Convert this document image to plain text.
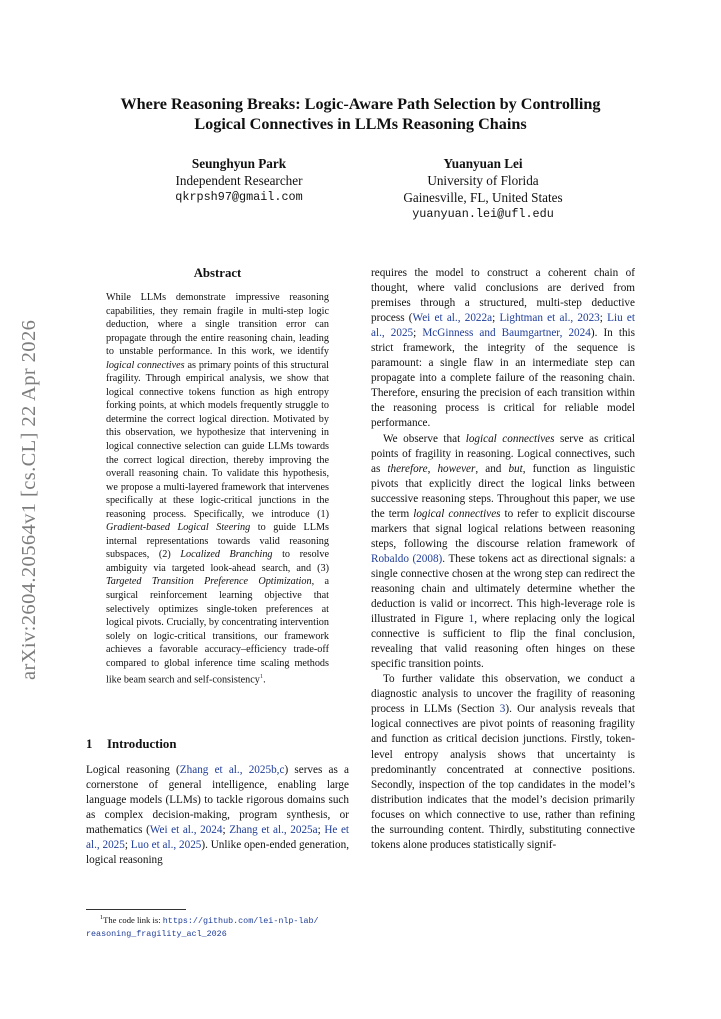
arXiv:2604.20564v1 [cs.CL] 22 Apr 2026
Where Reasoning Breaks: Logic-Aware Path Selection by Controlling
Logical Connectives in LLMs Reasoning Chains
Seunghyun Park
Independent Researcher
qkrpsh97@gmail.com
Yuanyuan Lei
University of Florida
Gainesville, FL, United States
yuanyuan.lei@ufl.edu
Abstract
While LLMs demonstrate impressive reasoning capabilities, they remain fragile in multi-step logic deduction, where a single transition error can propagate through the entire reasoning chain, leading to unstable performance. In this work, we identify logical connectives as primary points of this structural fragility. Through empirical analysis, we show that logical connective tokens function as high entropy forking points, at which models frequently struggle to determine the correct logical direction. Motivated by this observation, we hypothesize that intervening in logical connective selection can guide LLMs towards the correct logical direction, thereby improving the overall reasoning chain. To validate this hypothesis, we propose a multi-layered framework that intervenes specifically at these logic-critical junctions in the reasoning process. Specifically, we introduce (1) Gradient-based Logical Steering to guide LLMs internal representations towards valid reasoning subspaces, (2) Localized Branching to resolve ambiguity via targeted look-ahead search, and (3) Targeted Transition Preference Optimization, a surgical reinforcement learning objective that selectively optimizes single-token preferences at logical pivots. Crucially, by concentrating intervention solely on logic-critical transitions, our framework achieves a favorable accuracy–efficiency trade-off compared to global inference time scaling methods like beam search and self-consistency$^1$.
1 Introduction

Logical reasoning (Zhang et al., 2025b,c) serves as a cornerstone of general intelligence, enabling large language models (LLMs) to tackle rigorous domains such as complex decision-making, program synthesis, or mathematics (Wei et al., 2024; Zhang et al., 2025a; He et al., 2025; Luo et al., 2025). Unlike open-ended generation, logical reasoning

$^1$The code link is: https://github.com/lei-nlp-lab/
reasoning_fragility_acl_2026

requires the model to construct a coherent chain of thought, where valid conclusions are derived from premises through a structured, multi-step deductive process (Wei et al., 2022a; Lightman et al., 2023; Liu et al., 2025; McGinness and Baumgartner, 2024). In this strict framework, the integrity of the sequence is paramount: a single flaw in an intermediate step can propagate into a complete failure of the reasoning chain. Therefore, ensuring the precision of each transition within the reasoning process is critical for reliable model performance.

We observe that logical connectives serve as critical points of fragility in reasoning. Logical connectives, such as therefore, however, and but, function as linguistic pivots that explicitly direct the logical links between successive reasoning steps. Throughout this paper, we use the term logical connectives to refer to explicit discourse markers that signal logical relations between reasoning steps, following the discourse relation framework of Robaldo (2008). These tokens act as directional signals: a single connective chosen at the wrong step can redirect the reasoning chain and ultimately determine whether the deduction is valid or incorrect. This high-leverage role is illustrated in Figure 1, where replacing only the logical connective is sufficient to flip the final conclusion, revealing that valid reasoning often hinges on these specific transition points.

To further validate this observation, we conduct a diagnostic analysis to uncover the fragility of reasoning process in LLMs (Section 3). Our analysis reveals that logical connectives are pivot points of reasoning fragility and function as critical decision junctions. Firstly, token-level entropy analysis shows that uncertainty is predominantly concentrated at connective positions. Secondly, inspection of the top candidates in the model’s distribution indicates that the model’s decision primarily focuses on which connective to use, rather than refining the surrounding content. Thirdly, substituting connective tokens alone produces statistically signif-
